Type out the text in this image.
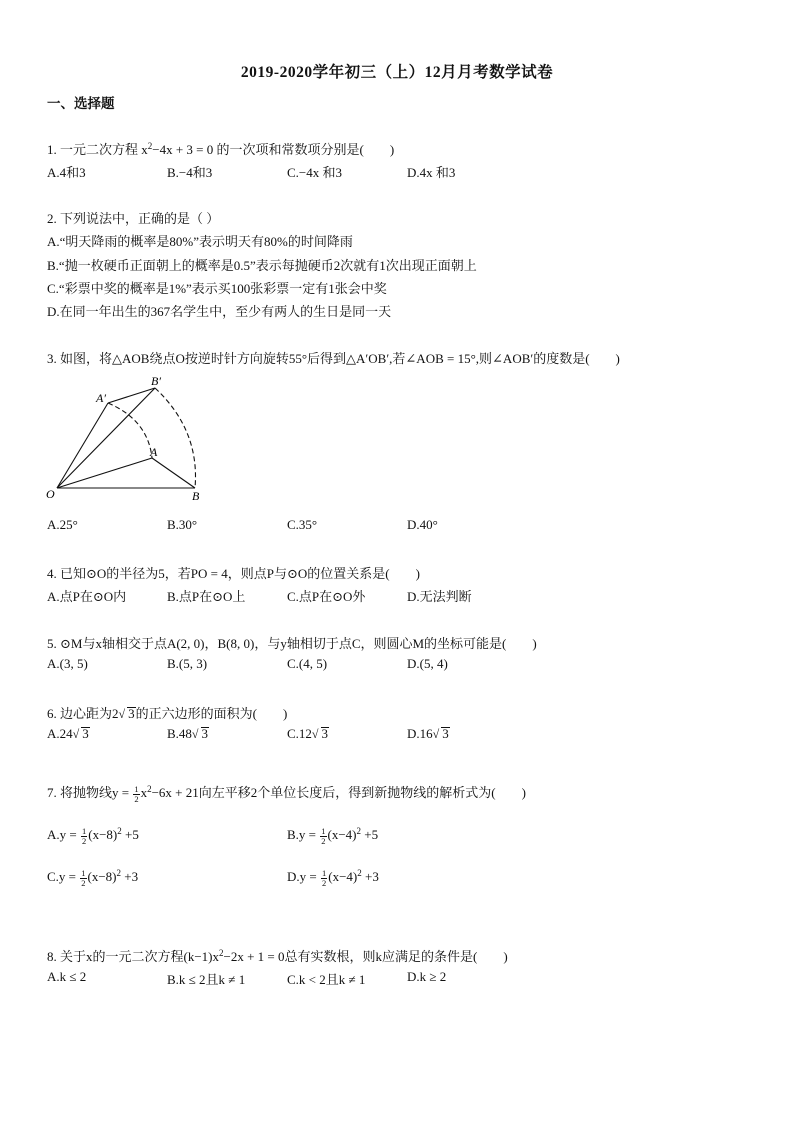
2019-2020学年初三（上）12月月考数学试卷
一、选择题
1. 一元二次方程 $x^2-4x + 3 = 0$ 的一次项和常数项分别是(　　)
A.4和3	B.−4和3	C.−4x 和3	D.4x 和3
2. 下列说法中，正确的是（ ）
A.“明天降雨的概率是80%”表示明天有80%的时间降雨
B.“抛一枚硬币正面朝上的概率是0.5”表示每抛硬币2次就有1次出现正面朝上
C.“彩票中奖的概率是1%”表示买100张彩票一定有1张会中奖
D.在同一年出生的367名学生中，至少有两人的生日是同一天
3. 如图，将△AOB绕点O按逆时针方向旋转55°后得到△A′OB′,若∠AOB = 15°,则∠AOB′的度数是(　　)
O
A
B
A′
B′
A.25°	B.30°	C.35°	D.40°
4. 已知⊙O的半径为5，若PO = 4，则点P与⊙O的位置关系是(　　)
A.点P在⊙O内	B.点P在⊙O上	C.点P在⊙O外	D.无法判断
5. ⊙M与x轴相交于点A(2, 0)，B(8, 0)，与y轴相切于点C，则圆心M的坐标可能是(　　)
A.(3, 5)	B.(5, 3)	C.(4, 5)	D.(5, 4)
6. 边心距为2√ 3的正六边形的面积为(　　)
A.24√ 3	B.48√ 3	C.12√ 3	D.16√ 3
7. 将抛物线$y = \frac{1}{2} x^2-6x + 21$向左平移2个单位长度后，得到新抛物线的解析式为(　　)
$A.y = \frac{1}{2} (x-8)^2 +5$	$B.y = \frac{1}{2} (x-4)^2 +5$
$C.y = \frac{1}{2} (x-8)^2 +3$	$D.y = \frac{1}{2} (x-4)^2 +3$
8. 关于x的一元二次方程$(k-1)x^2-2x + 1 = 0$总有实数根，则k应满足的条件是(　　)
A.k ≤ 2	B.k ≤ 2且k ≠ 1	C.k < 2且k ≠ 1	D.k ≥ 2
